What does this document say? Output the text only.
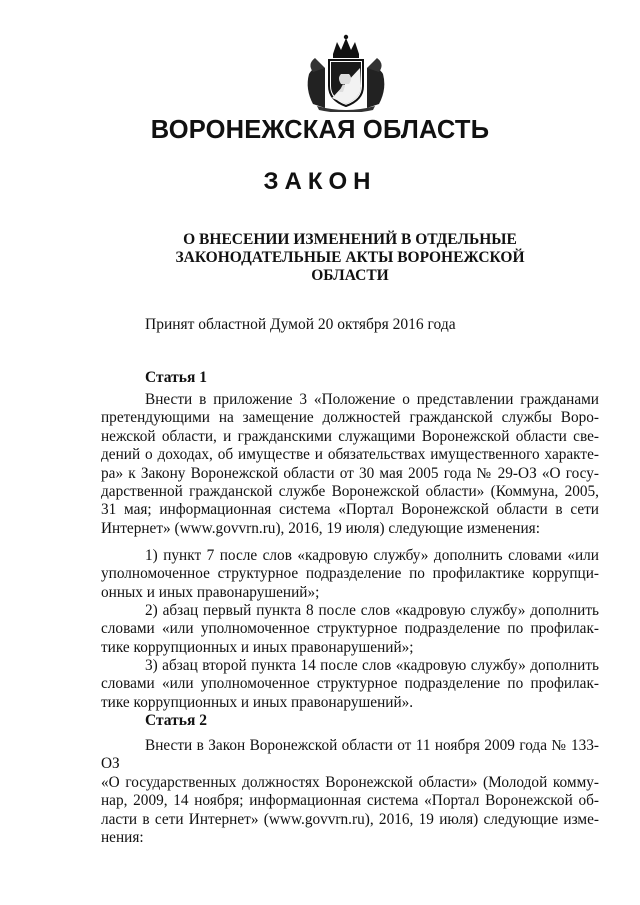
ВОРОНЕЖСКАЯ ОБЛАСТЬ
ЗАКОН
О ВНЕСЕНИИ ИЗМЕНЕНИЙ В ОТДЕЛЬНЫЕ
ЗАКОНОДАТЕЛЬНЫЕ АКТЫ ВОРОНЕЖСКОЙ
ОБЛАСТИ
Принят областной Думой 20 октября 2016 года
Статья 1
Внести в приложение 3 «Положение о представлении гражданами
претендующими на замещение должностей гражданской службы Воро-
нежской области, и гражданскими служащими Воронежской области све-
дений о доходах, об имуществе и обязательствах имущественного характе-
ра» к Закону Воронежской области от 30 мая 2005 года № 29-ОЗ «О госу-
дарственной гражданской службе Воронежской области» (Коммуна, 2005,
31 мая; информационная система «Портал Воронежской области в сети
Интернет» (www.govvrn.ru), 2016, 19 июля) следующие изменения:
1) пункт 7 после слов «кадровую службу» дополнить словами «или
уполномоченное структурное подразделение по профилактике коррупци-
онных и иных правонарушений»;
2) абзац первый пункта 8 после слов «кадровую службу» дополнить
словами «или уполномоченное структурное подразделение по профилак-
тике коррупционных и иных правонарушений»;
3) абзац второй пункта 14 после слов «кадровую службу» дополнить
словами «или уполномоченное структурное подразделение по профилак-
тике коррупционных и иных правонарушений».
Статья 2
Внести в Закон Воронежской области от 11 ноября 2009 года № 133-ОЗ
«О государственных должностях Воронежской области» (Молодой комму-
нар, 2009, 14 ноября; информационная система «Портал Воронежской об-
ласти в сети Интернет» (www.govvrn.ru), 2016, 19 июля) следующие изме-
нения:
